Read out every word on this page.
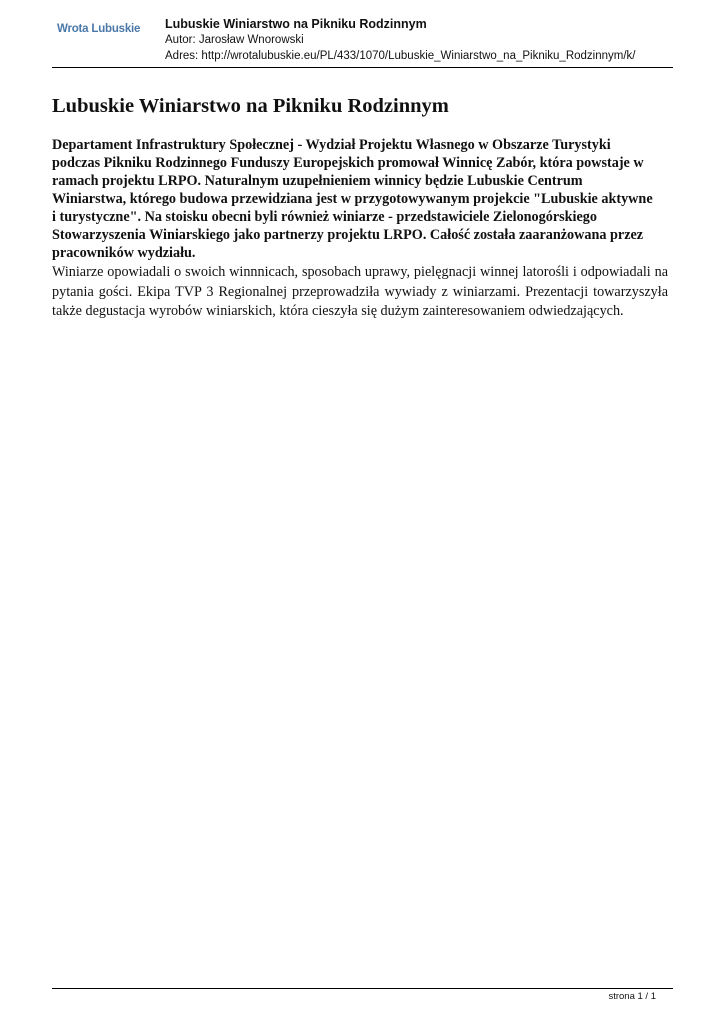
Wrota Lubuskie Lubuskie Winiarstwo na Pikniku Rodzinnym
Autor: Jarosław Wnorowski
Adres: http://wrotalubuskie.eu/PL/433/1070/Lubuskie_Winiarstwo_na_Pikniku_Rodzinnym/k/
Lubuskie Winiarstwo na Pikniku Rodzinnym
Departament Infrastruktury Społecznej - Wydział Projektu Własnego w Obszarze Turystyki
podczas Pikniku Rodzinnego Funduszy Europejskich promował Winnicę Zabór, która powstaje w
ramach projektu LRPO. Naturalnym uzupełnieniem winnicy będzie Lubuskie Centrum
Winiarstwa, którego budowa przewidziana jest w przygotowywanym projekcie "Lubuskie aktywne
i turystyczne". Na stoisku obecni byli również winiarze - przedstawiciele Zielonogórskiego
Stowarzyszenia Winiarskiego jako partnerzy projektu LRPO. Całość została zaaranżowana przez
pracowników wydziału.

Winiarze opowiadali o swoich winnnicach, sposobach uprawy, pielęgnacji winnej latorośli i odpowiadali na pytania gości. Ekipa TVP 3 Regionalnej przeprowadziła wywiady z winiarzami. Prezentacji towarzyszyła także degustacja wyrobów winiarskich, która cieszyła się dużym zainteresowaniem odwiedzających.

strona 1 / 1
